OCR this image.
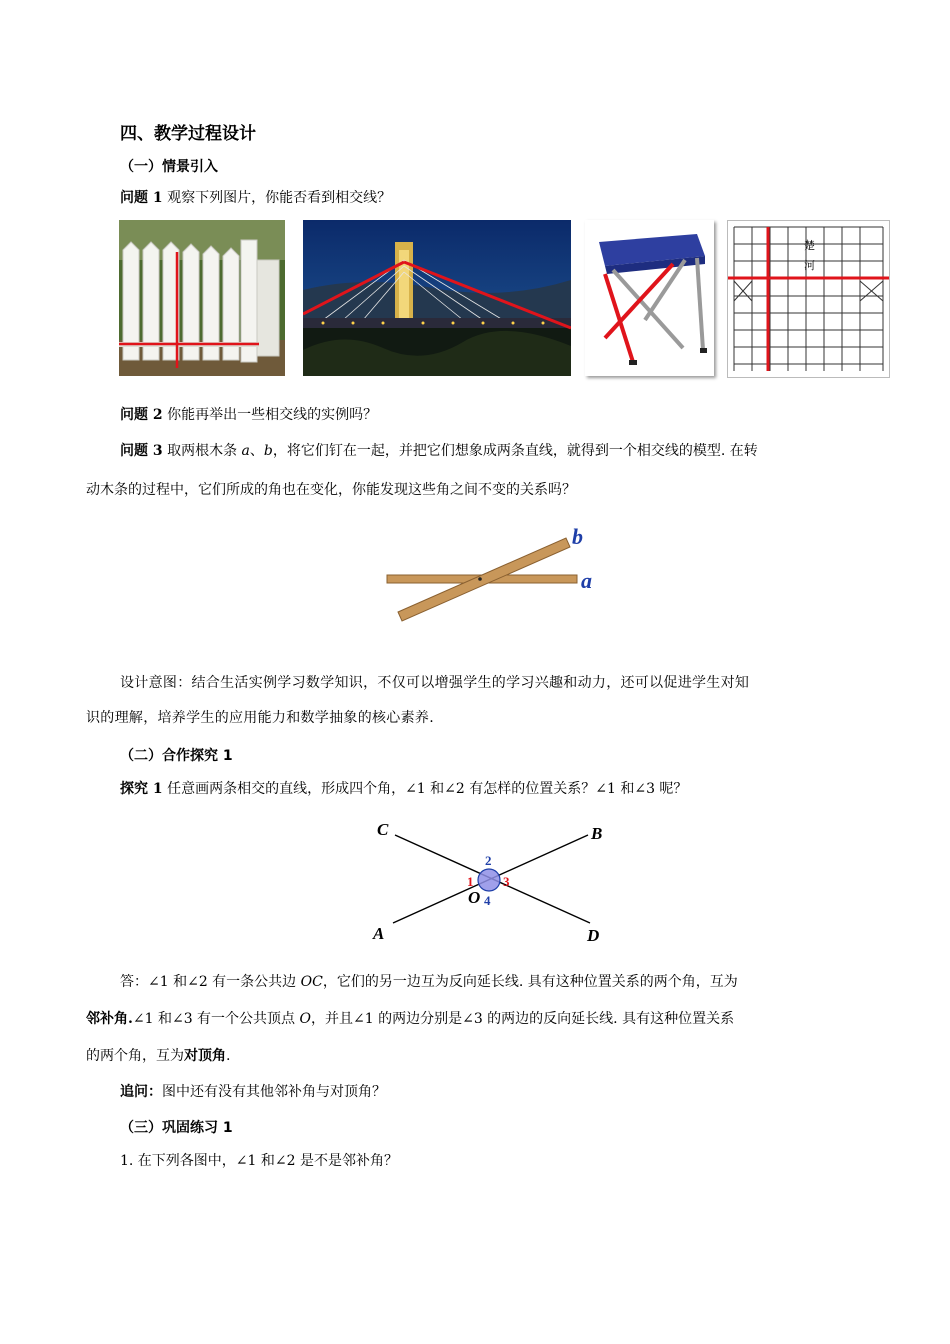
四、教学过程设计
（一）情景引入
问题 1 观察下列图片，你能否看到相交线？
楚
河
问题 2 你能再举出一些相交线的实例吗？
问题 3 取两根木条 a、b，将它们钉在一起，并把它们想象成两条直线，就得到一个相交线的模型. 在转
动木条的过程中，它们所成的角也在变化，你能发现这些角之间不变的关系吗？
b
a
设计意图：结合生活实例学习数学知识，不仅可以增强学生的学习兴趣和动力，还可以促进学生对知
识的理解，培养学生的应用能力和数学抽象的核心素养.
（二）合作探究 1
探究 1 任意画两条相交的直线，形成四个角，∠1 和∠2 有怎样的位置关系？∠1 和∠3 呢？
C	B
A	D
O
2
1 3
4
答：∠1 和∠2 有一条公共边 OC，它们的另一边互为反向延长线. 具有这种位置关系的两个角，互为
邻补角.∠1 和∠3 有一个公共顶点 O，并且∠1 的两边分别是∠3 的两边的反向延长线. 具有这种位置关系
的两个角，互为对顶角.
追问：图中还有没有其他邻补角与对顶角？
（三）巩固练习 1
1. 在下列各图中，∠1 和∠2 是不是邻补角？
